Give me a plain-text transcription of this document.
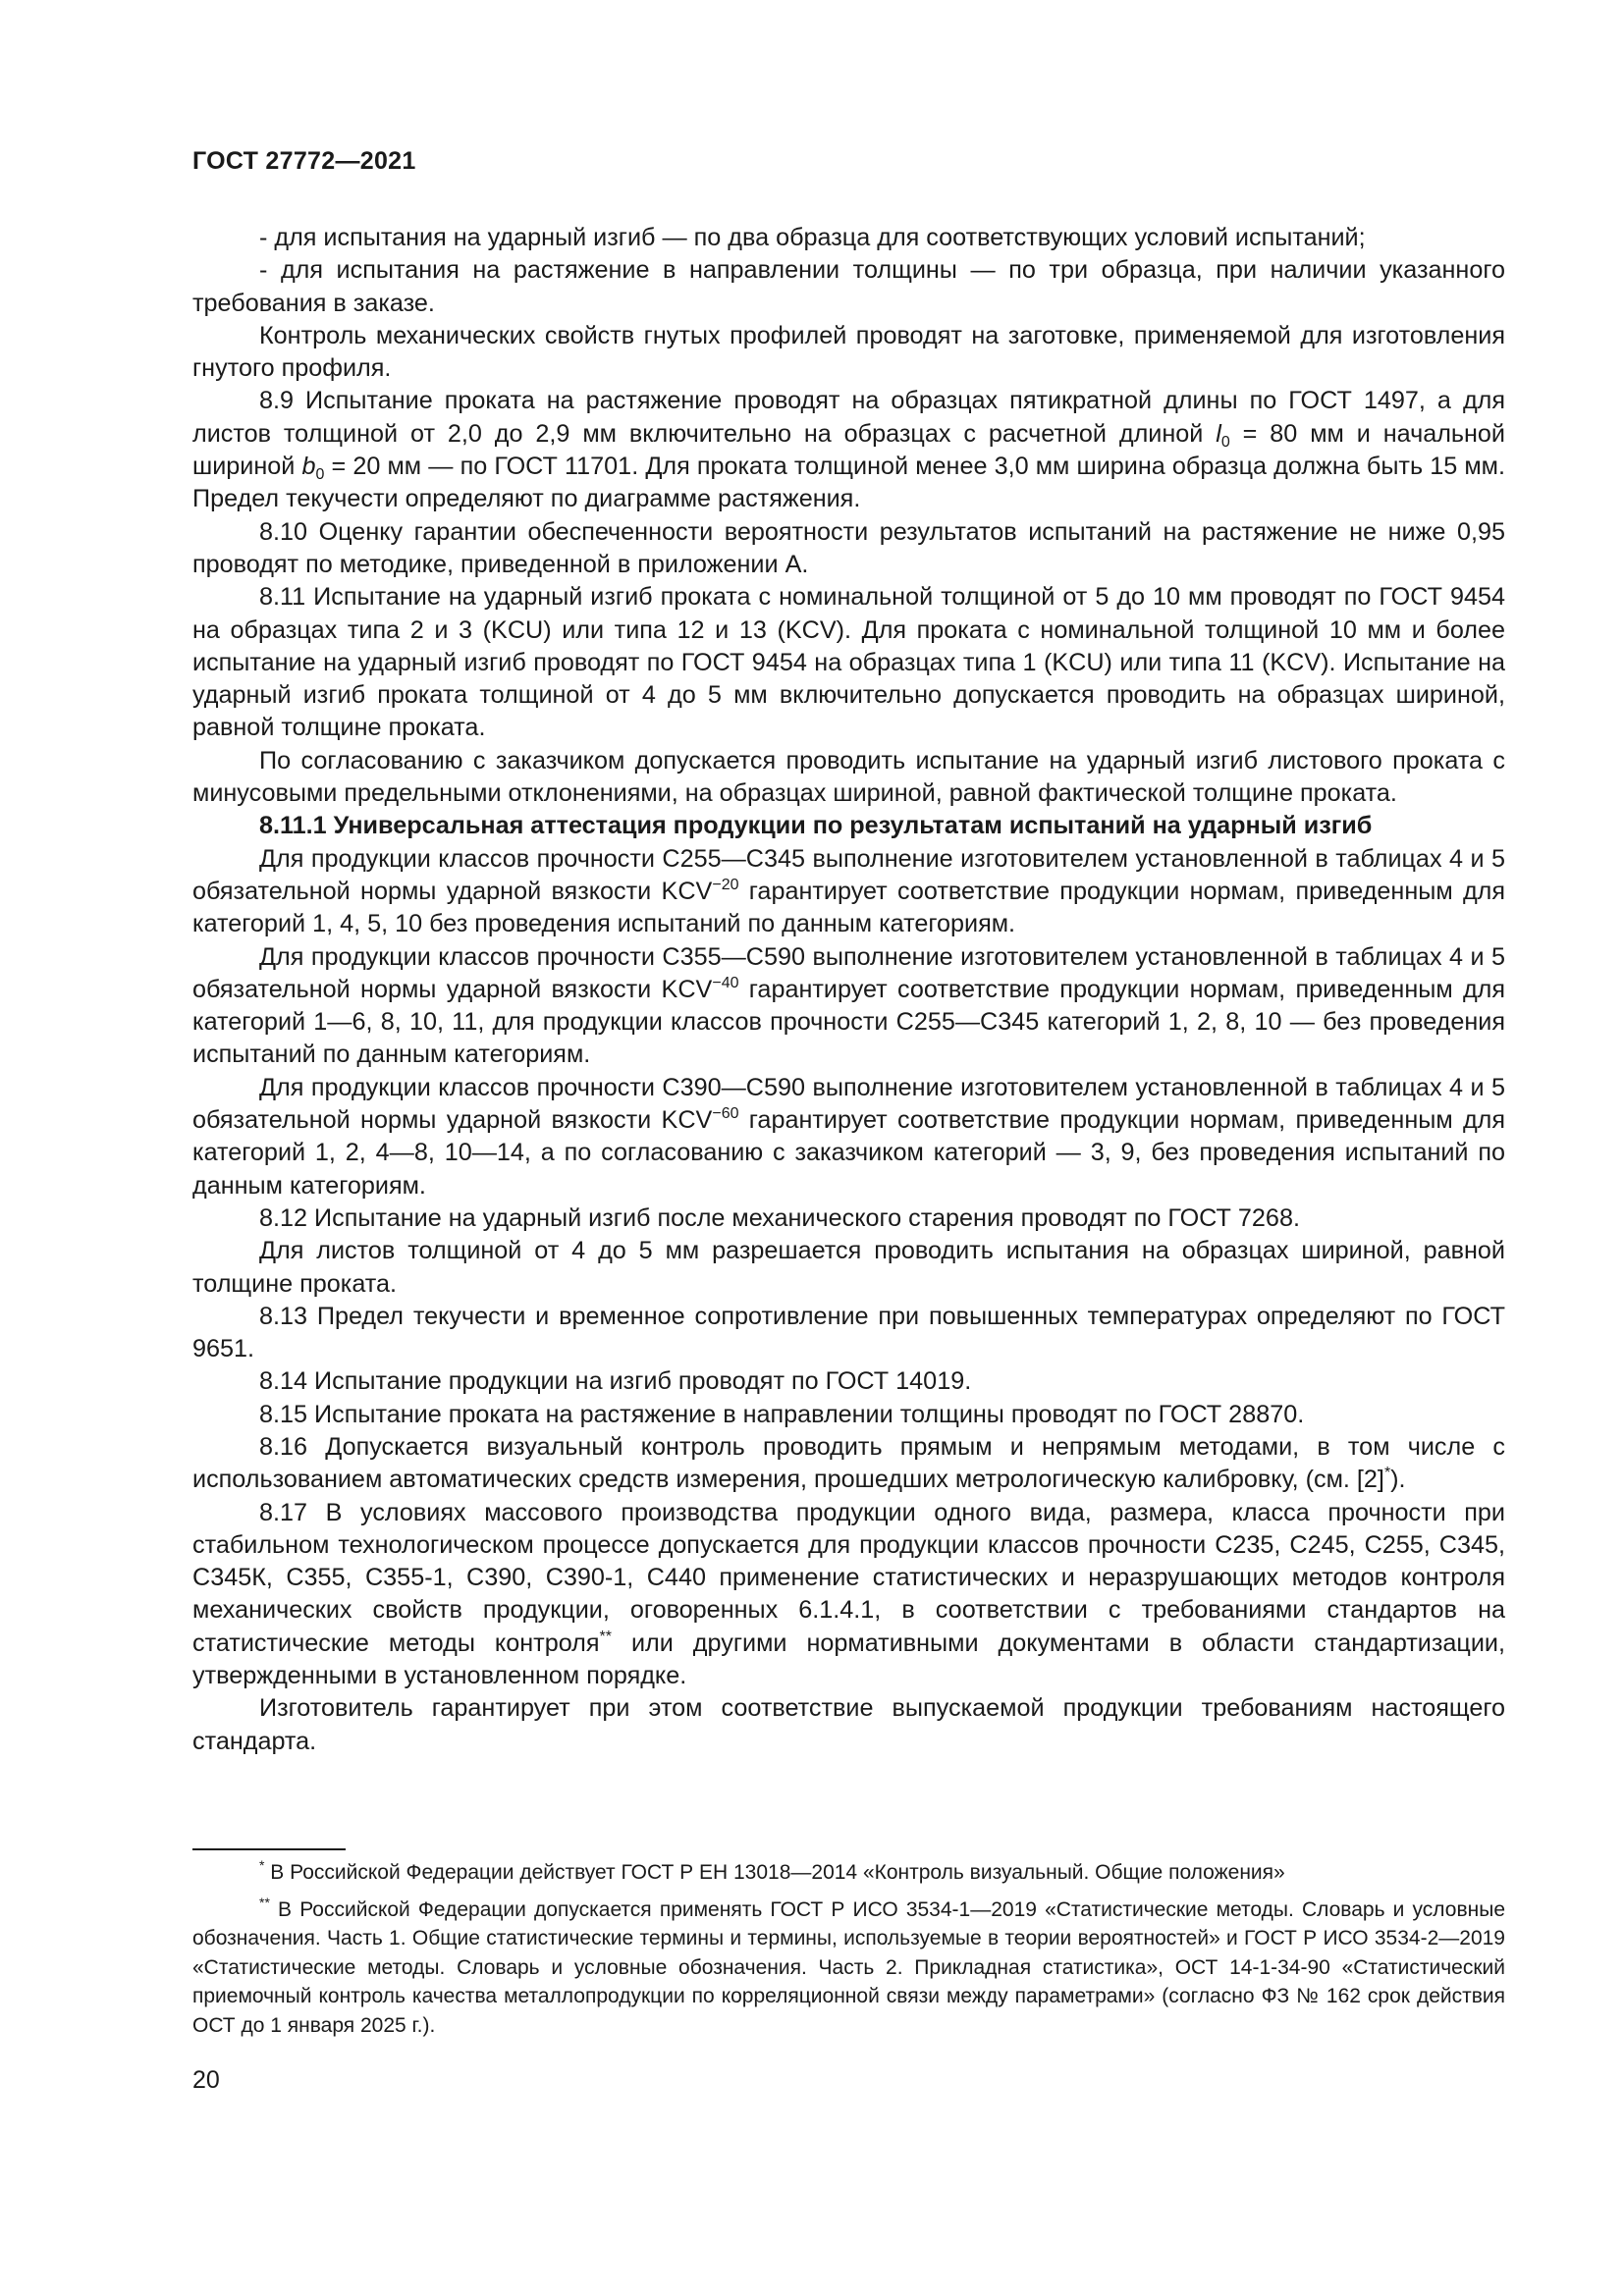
ГОСТ 27772—2021

- для испытания на ударный изгиб — по два образца для соответствующих условий испытаний;

- для испытания на растяжение в направлении толщины — по три образца, при наличии указанного требования в заказе.

Контроль механических свойств гнутых профилей проводят на заготовке, применяемой для изготовления гнутого профиля.

8.9 Испытание проката на растяжение проводят на образцах пятикратной длины по ГОСТ 1497, а для листов толщиной от 2,0 до 2,9 мм включительно на образцах с расчетной длиной $l_0 = 80$ мм и начальной шириной $b_0 = 20$ мм — по ГОСТ 11701. Для проката толщиной менее 3,0 мм ширина образца должна быть 15 мм. Предел текучести определяют по диаграмме растяжения.

8.10 Оценку гарантии обеспеченности вероятности результатов испытаний на растяжение не ниже 0,95 проводят по методике, приведенной в приложении А.

8.11 Испытание на ударный изгиб проката с номинальной толщиной от 5 до 10 мм проводят по ГОСТ 9454 на образцах типа 2 и 3 (KCU) или типа 12 и 13 (KCV). Для проката с номинальной толщиной 10 мм и более испытание на ударный изгиб проводят по ГОСТ 9454 на образцах типа 1 (KCU) или типа 11 (KCV). Испытание на ударный изгиб проката толщиной от 4 до 5 мм включительно допускается проводить на образцах шириной, равной толщине проката.

По согласованию с заказчиком допускается проводить испытание на ударный изгиб листового проката с минусовыми предельными отклонениями, на образцах шириной, равной фактической толщине проката.

8.11.1 Универсальная аттестация продукции по результатам испытаний на ударный изгиб

Для продукции классов прочности С255—С345 выполнение изготовителем установленной в таблицах 4 и 5 обязательной нормы ударной вязкости $KCV^{-20}$ гарантирует соответствие продукции нормам, приведенным для категорий 1, 4, 5, 10 без проведения испытаний по данным категориям.

Для продукции классов прочности С355—С590 выполнение изготовителем установленной в таблицах 4 и 5 обязательной нормы ударной вязкости $KCV^{-40}$ гарантирует соответствие продукции нормам, приведенным для категорий 1—6, 8, 10, 11, для продукции классов прочности С255—С345 категорий 1, 2, 8, 10 — без проведения испытаний по данным категориям.

Для продукции классов прочности С390—С590 выполнение изготовителем установленной в таблицах 4 и 5 обязательной нормы ударной вязкости $KCV^{-60}$ гарантирует соответствие продукции нормам, приведенным для категорий 1, 2, 4—8, 10—14, а по согласованию с заказчиком категорий — 3, 9, без проведения испытаний по данным категориям.

8.12 Испытание на ударный изгиб после механического старения проводят по ГОСТ 7268.

Для листов толщиной от 4 до 5 мм разрешается проводить испытания на образцах шириной, равной толщине проката.

8.13 Предел текучести и временное сопротивление при повышенных температурах определяют по ГОСТ 9651.

8.14 Испытание продукции на изгиб проводят по ГОСТ 14019.

8.15 Испытание проката на растяжение в направлении толщины проводят по ГОСТ 28870.

8.16 Допускается визуальный контроль проводить прямым и непрямым методами, в том числе с использованием автоматических средств измерения, прошедших метрологическую калибровку, (см. [2]*).

8.17 В условиях массового производства продукции одного вида, размера, класса прочности при стабильном технологическом процессе допускается для продукции классов прочности С235, С245, С255, С345, С345К, С355, С355-1, С390, С390-1, С440 применение статистических и неразрушающих методов контроля механических свойств продукции, оговоренных 6.1.4.1, в соответствии с требованиями стандартов на статистические методы контроля** или другими нормативными документами в области стандартизации, утвержденными в установленном порядке.

Изготовитель гарантирует при этом соответствие выпускаемой продукции требованиям настоящего стандарта.

* В Российской Федерации действует ГОСТ Р ЕН 13018—2014 «Контроль визуальный. Общие положения»

** В Российской Федерации допускается применять ГОСТ Р ИСО 3534-1—2019 «Статистические методы. Словарь и условные обозначения. Часть 1. Общие статистические термины и термины, используемые в теории вероятностей» и ГОСТ Р ИСО 3534-2—2019 «Статистические методы. Словарь и условные обозначения. Часть 2. Прикладная статистика», ОСТ 14-1-34-90 «Статистический приемочный контроль качества металлопродукции по корреляционной связи между параметрами» (согласно ФЗ № 162 срок действия ОСТ до 1 января 2025 г.).

20
